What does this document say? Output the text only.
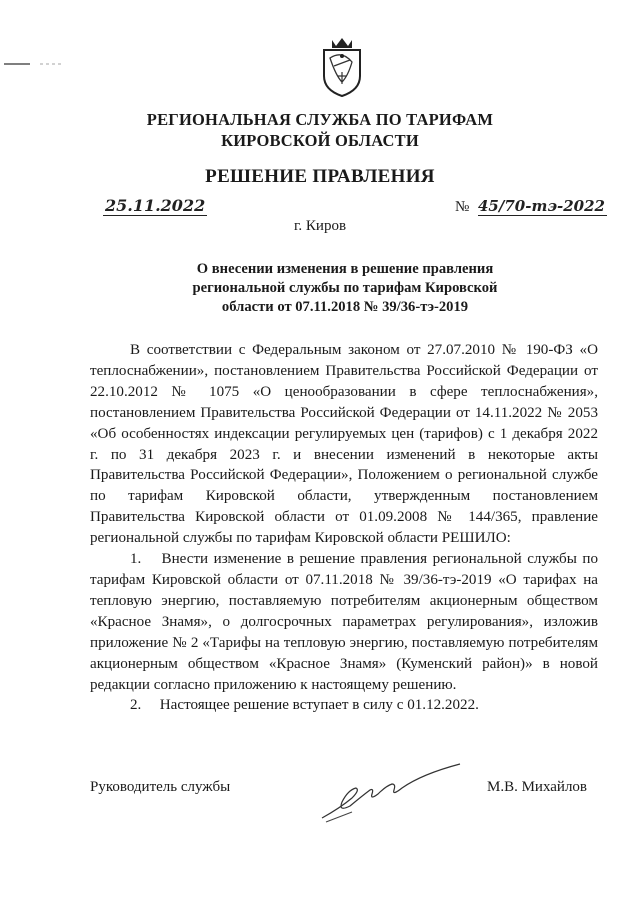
РЕГИОНАЛЬНАЯ СЛУЖБА ПО ТАРИФАМ
КИРОВСКОЙ ОБЛАСТИ
РЕШЕНИЕ ПРАВЛЕНИЯ
25.11.2022	№ 45/70-тэ-2022
г. Киров
О внесении изменения в решение правления
региональной службы по тарифам Кировской
области от 07.11.2018 № 39/36-тэ-2019

В соответствии с Федеральным законом от 27.07.2010 № 190-ФЗ «О теплоснабжении», постановлением Правительства Российской Федерации от 22.10.2012 № 1075 «О ценообразовании в сфере теплоснабжения», постановлением Правительства Российской Федерации от 14.11.2022 № 2053 «Об особенностях индексации регулируемых цен (тарифов) с 1 декабря 2022 г. по 31 декабря 2023 г. и внесении изменений в некоторые акты Правительства Российской Федерации», Положением о региональной службе по тарифам Кировской области, утвержденным постановлением Правительства Кировской области от 01.09.2008 № 144/365, правление региональной службы по тарифам Кировской области РЕШИЛО:

1. Внести изменение в решение правления региональной службы по тарифам Кировской области от 07.11.2018 № 39/36-тэ-2019 «О тарифах на тепловую энергию, поставляемую потребителям акционерным обществом «Красное Знамя», о долгосрочных параметрах регулирования», изложив приложение № 2 «Тарифы на тепловую энергию, поставляемую потребителям акционерным обществом «Красное Знамя» (Куменский район)» в новой редакции согласно приложению к настоящему решению.

2. Настоящее решение вступает в силу с 01.12.2022.

Руководитель службы	М.В. Михайлов
